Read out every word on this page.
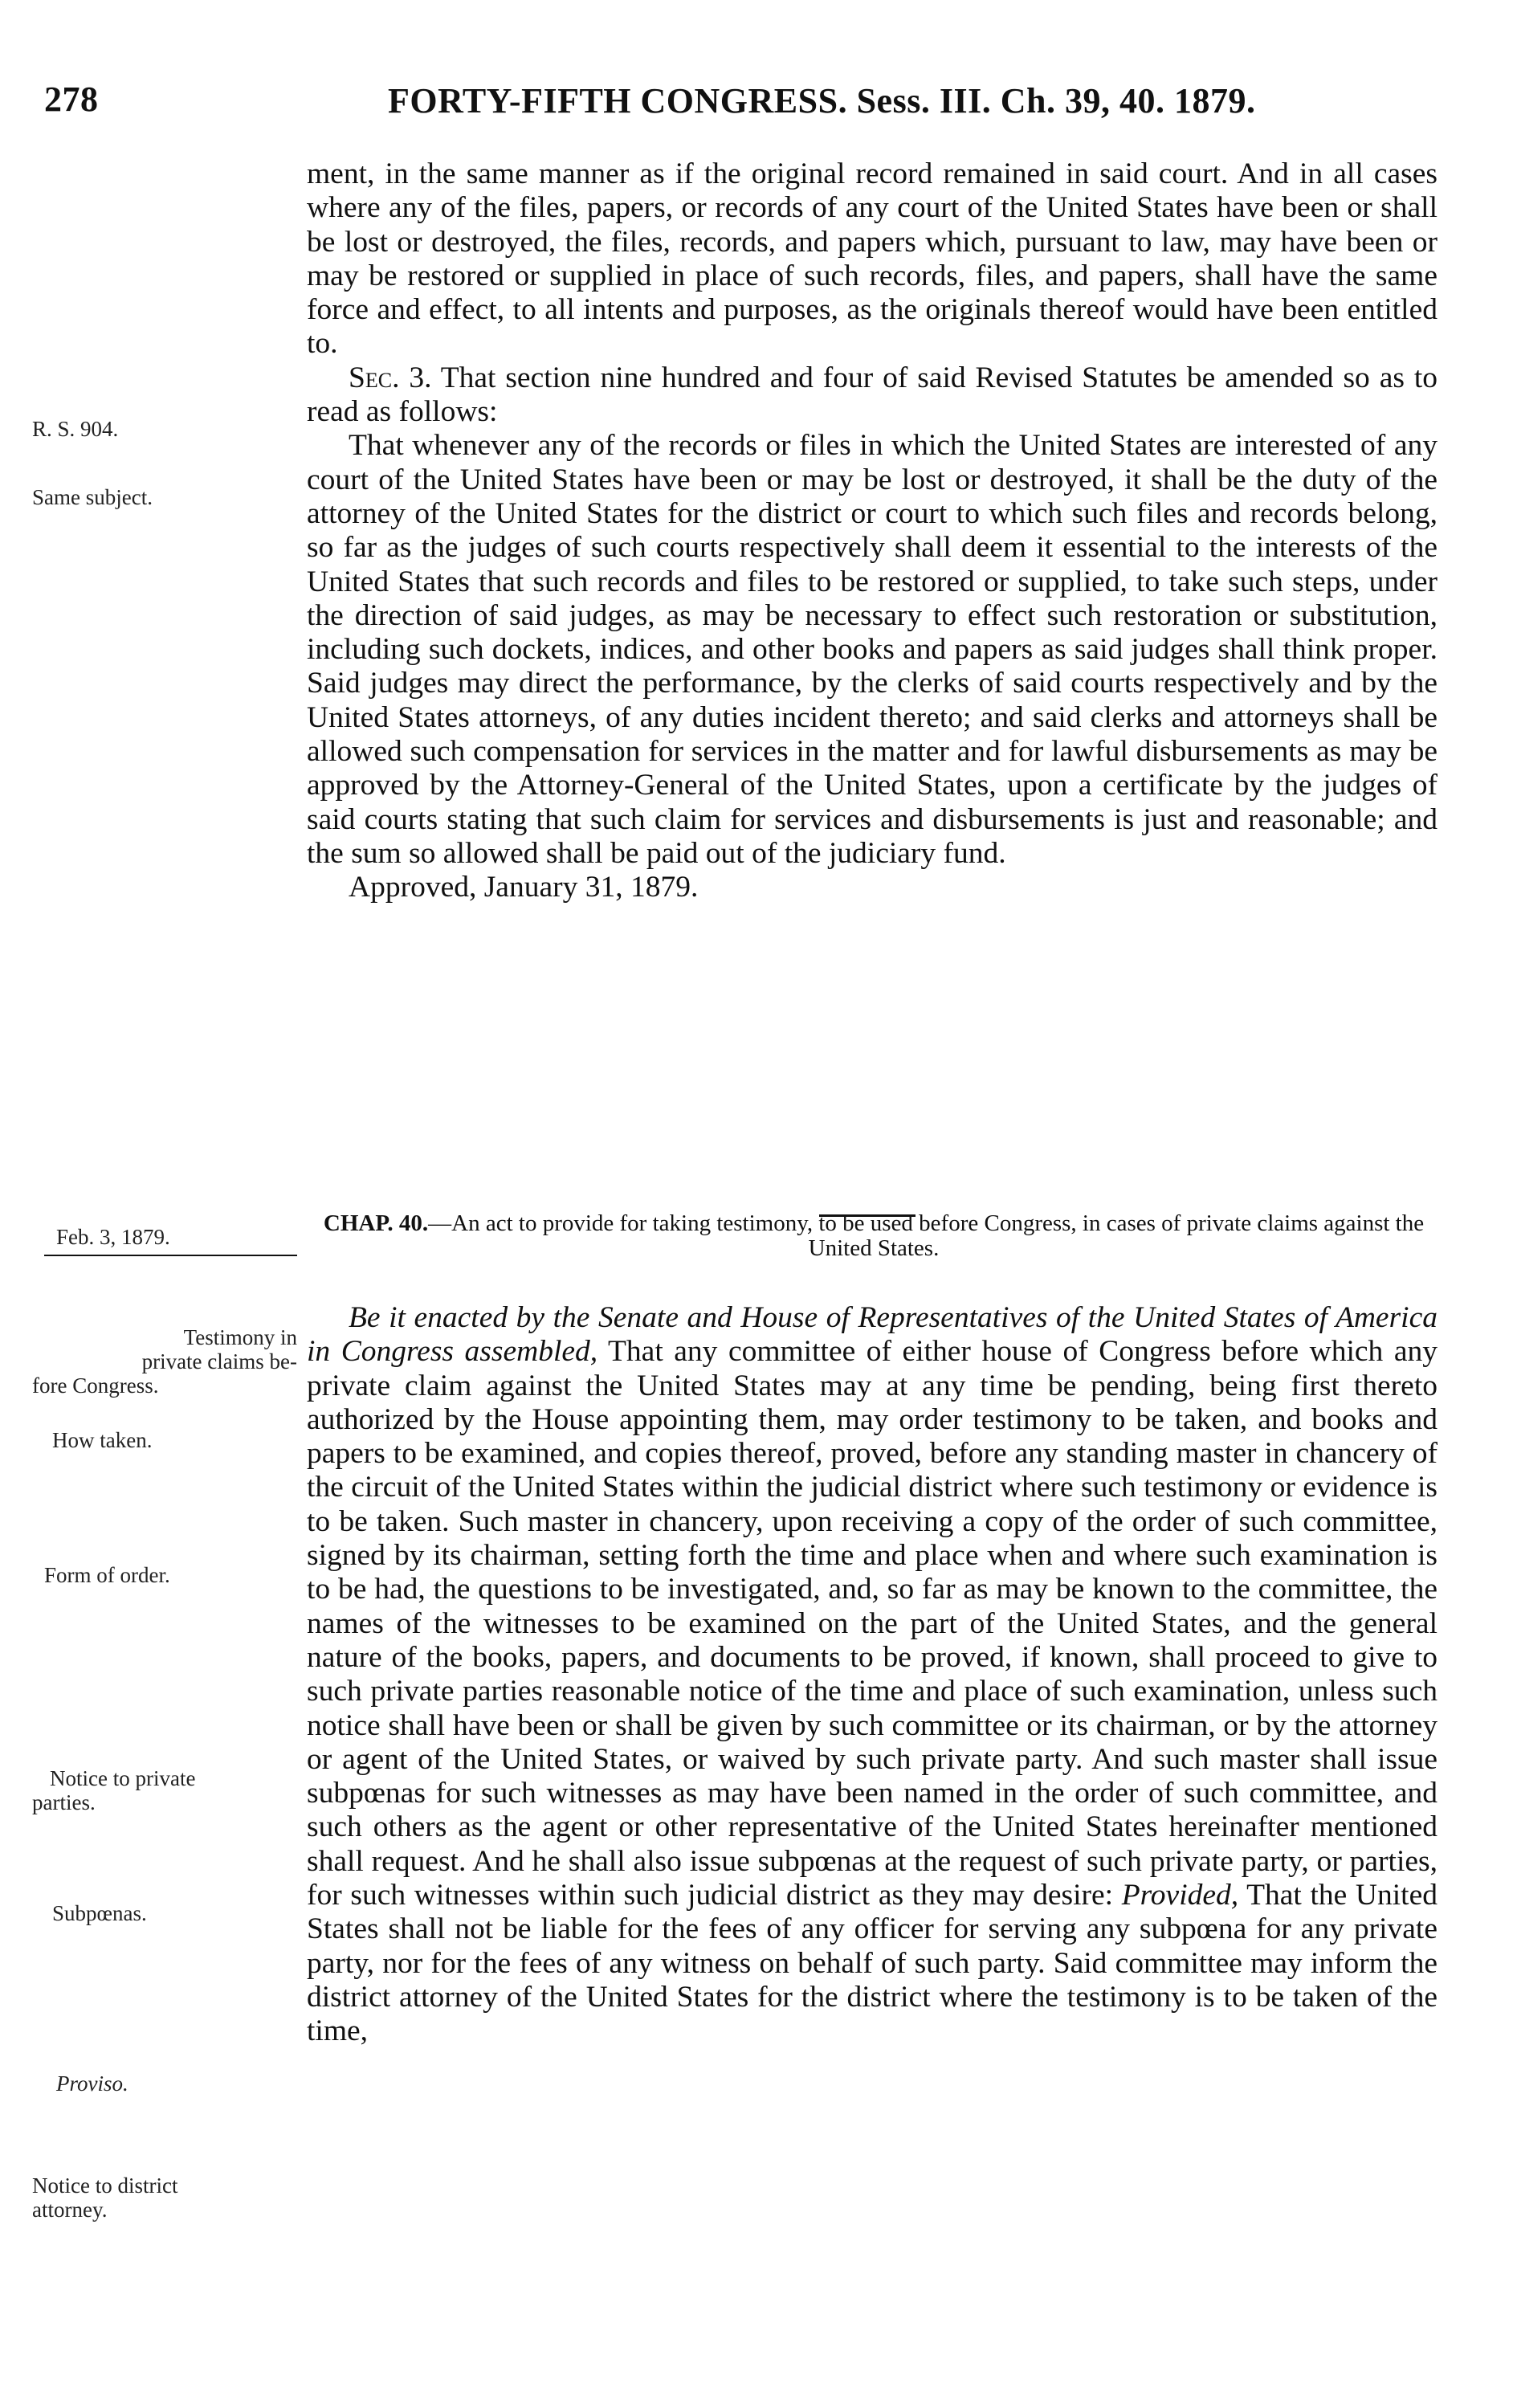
278	FORTY-FIFTH CONGRESS. Sess. III. Ch. 39, 40. 1879.

ment, in the same manner as if the original record remained in said court. And in all cases where any of the files, papers, or records of any court of the United States have been or shall be lost or destroyed, the files, records, and papers which, pursuant to law, may have been or may be restored or supplied in place of such records, files, and papers, shall have the same force and effect, to all intents and purposes, as the originals thereof would have been entitled to.

Sec. 3. That section nine hundred and four of said Revised Statutes be amended so as to read as follows:

That whenever any of the records or files in which the United States are interested of any court of the United States have been or may be lost or destroyed, it shall be the duty of the attorney of the United States for the district or court to which such files and records belong, so far as the judges of such courts respectively shall deem it essential to the interests of the United States that such records and files to be restored or supplied, to take such steps, under the direction of said judges, as may be necessary to effect such restoration or substitution, including such dockets, indices, and other books and papers as said judges shall think proper. Said judges may direct the performance, by the clerks of said courts respectively and by the United States attorneys, of any duties incident thereto; and said clerks and attorneys shall be allowed such compensation for services in the matter and for lawful disbursements as may be approved by the Attorney-General of the United States, upon a certificate by the judges of said courts stating that such claim for services and disbursements is just and reasonable; and the sum so allowed shall be paid out of the judiciary fund.

Approved, January 31, 1879.

R. S. 904.
Same subject.
Feb. 3, 1879.
CHAP. 40.—An act to provide for taking testimony, to be used before Congress, in cases of private claims against the United States.

Be it enacted by the Senate and House of Representatives of the United States of America in Congress assembled, That any committee of either house of Congress before which any private claim against the United States may at any time be pending, being first thereto authorized by the House appointing them, may order testimony to be taken, and books and papers to be examined, and copies thereof, proved, before any standing master in chancery of the circuit of the United States within the judicial district where such testimony or evidence is to be taken. Such master in chancery, upon receiving a copy of the order of such committee, signed by its chairman, setting forth the time and place when and where such examination is to be had, the questions to be investigated, and, so far as may be known to the committee, the names of the witnesses to be examined on the part of the United States, and the general nature of the books, papers, and documents to be proved, if known, shall proceed to give to such private parties reasonable notice of the time and place of such examination, unless such notice shall have been or shall be given by such committee or its chairman, or by the attorney or agent of the United States, or waived by such private party. And such master shall issue subpœnas for such witnesses as may have been named in the order of such committee, and such others as the agent or other representative of the United States hereinafter mentioned shall request. And he shall also issue subpœnas at the request of such private party, or parties, for such witnesses within such judicial district as they may desire: Provided, That the United States shall not be liable for the fees of any officer for serving any subpœna for any private party, nor for the fees of any witness on behalf of such party. Said committee may inform the district attorney of the United States for the district where the testimony is to be taken of the time,

Testimony in
private claims be-
fore Congress.
How taken.
Form of order.
Notice to private
parties.
Subpœnas.
Proviso.
Notice to district
attorney.
